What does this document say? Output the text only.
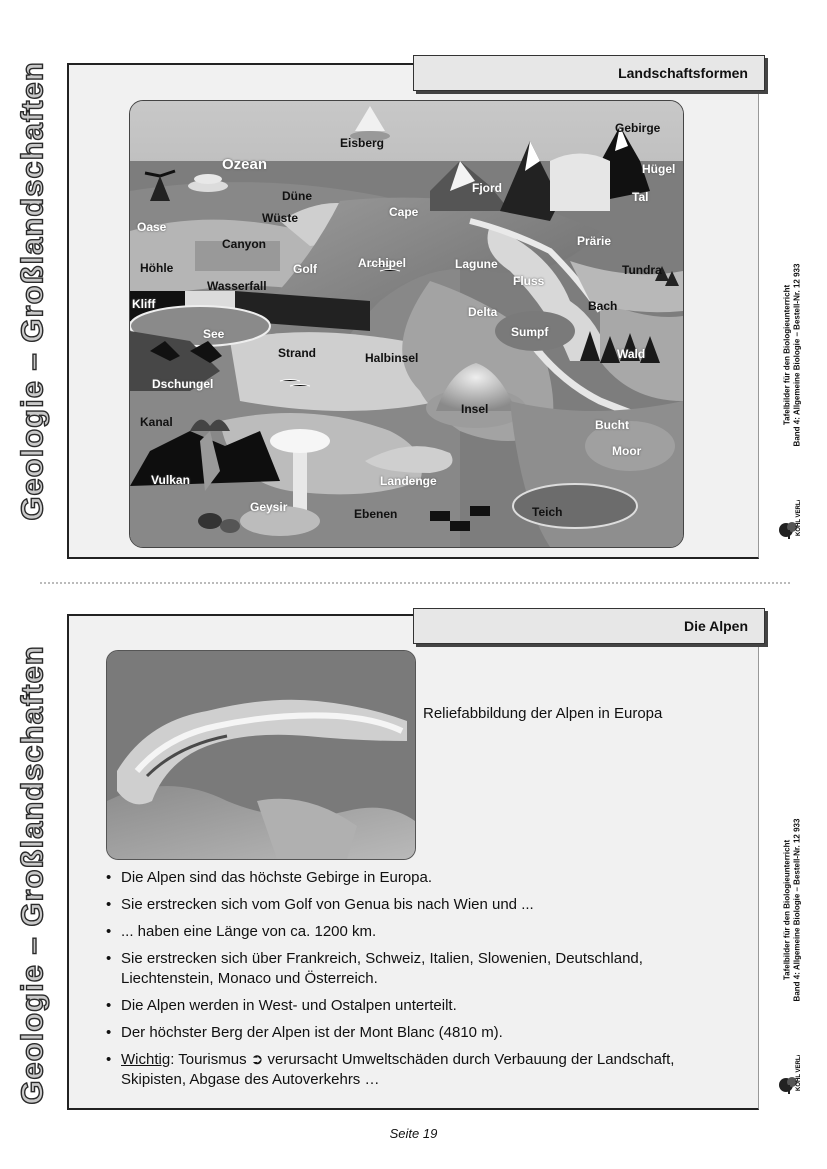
Geologie – Großlandschaften
Geologie – Großlandschaften
Landschaftsformen
Eisberg
Gebirge
Ozean	Hügel
Düne
Fjord
Tal
Oase
Wüste	Cape
Canyon	Prärie
Höhle	Archipel	Lagune
Golf	Tundra
Fluss
Wasserfall
Kliff	Bach
Delta
See	Sumpf
Strand	Wald
Halbinsel
Dschungel
Kanal
Insel
Bucht
Moor
Vulkan	Landenge
Geysir	Teich
Ebenen
Die Alpen
Reliefabbildung der Alpen in Europa
• Die Alpen sind das höchste Gebirge in Europa.
• Sie erstrecken sich vom Golf von Genua bis nach Wien und ...
• ... haben eine Länge von ca. 1200 km.
• Sie erstrecken sich über Frankreich, Schweiz, Italien, Slowenien, Deutschland, Liechtenstein, Monaco und Österreich.
• Die Alpen werden in West- und Ostalpen unterteilt.
• Der höchster Berg der Alpen ist der Mont Blanc (4810 m).
• Wichtig: Tourismus ➲ verursacht Umweltschäden durch Verbauung der Landschaft, Skipisten, Abgase des Autoverkehrs …
Tafelbilder für den Biologieunterricht Band 4: Allgemeine Biologie – Bestell-Nr. 12 933
Tafelbilder für den Biologieunterricht Band 4: Allgemeine Biologie – Bestell-Nr. 12 933
KOHL VERLAG
KOHL VERLAG
Seite 19
